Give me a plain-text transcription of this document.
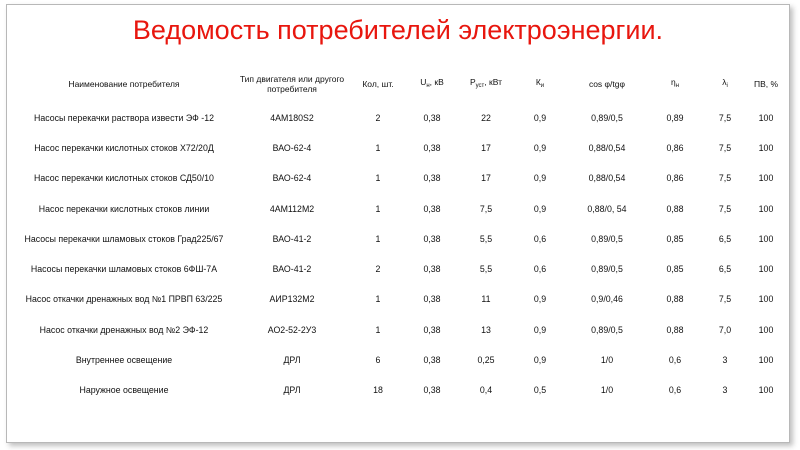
Ведомость потребителей электроэнергии.
Наименование потребителя	Тип двигателя или другого потребителя	Кол, шт.	$U_н$, кВ	$P_{уст}$, кВт	$К_и$	cos φ/tgφ	$\eta_н$	$\lambda_i$	ПВ, %
Насосы перекачки раствора извести ЭФ -12	4АМ180S2	2	0,38	22	0,9	0,89/0,5	0,89	7,5	100
Насос перекачки кислотных стоков Х72/20Д	ВАО-62-4	1	0,38	17	0,9	0,88/0,54	0,86	7,5	100
Насос перекачки кислотных стоков СД50/10	ВАО-62-4	1	0,38	17	0,9	0,88/0,54	0,86	7,5	100
Насос перекачки кислотных стоков линии	4АМ112М2	1	0,38	7,5	0,9	0,88/0, 54	0,88	7,5	100
Насосы перекачки шламовых стоков Град225/67	ВАО-41-2	1	0,38	5,5	0,6	0,89/0,5	0,85	6,5	100
Насосы перекачки шламовых стоков 6ФШ-7А	ВАО-41-2	2	0,38	5,5	0,6	0,89/0,5	0,85	6,5	100
Насос откачки дренажных вод №1 ПРВП 63/225	АИР132М2	1	0,38	11	0,9	0,9/0,46	0,88	7,5	100
Насос откачки дренажных вод №2 ЭФ-12	АО2-52-2У3	1	0,38	13	0,9	0,89/0,5	0,88	7,0	100
Внутреннее освещение	ДРЛ	6	0,38	0,25	0,9	1/0	0,6	3	100
Наружное освещение	ДРЛ	18	0,38	0,4	0,5	1/0	0,6	3	100
